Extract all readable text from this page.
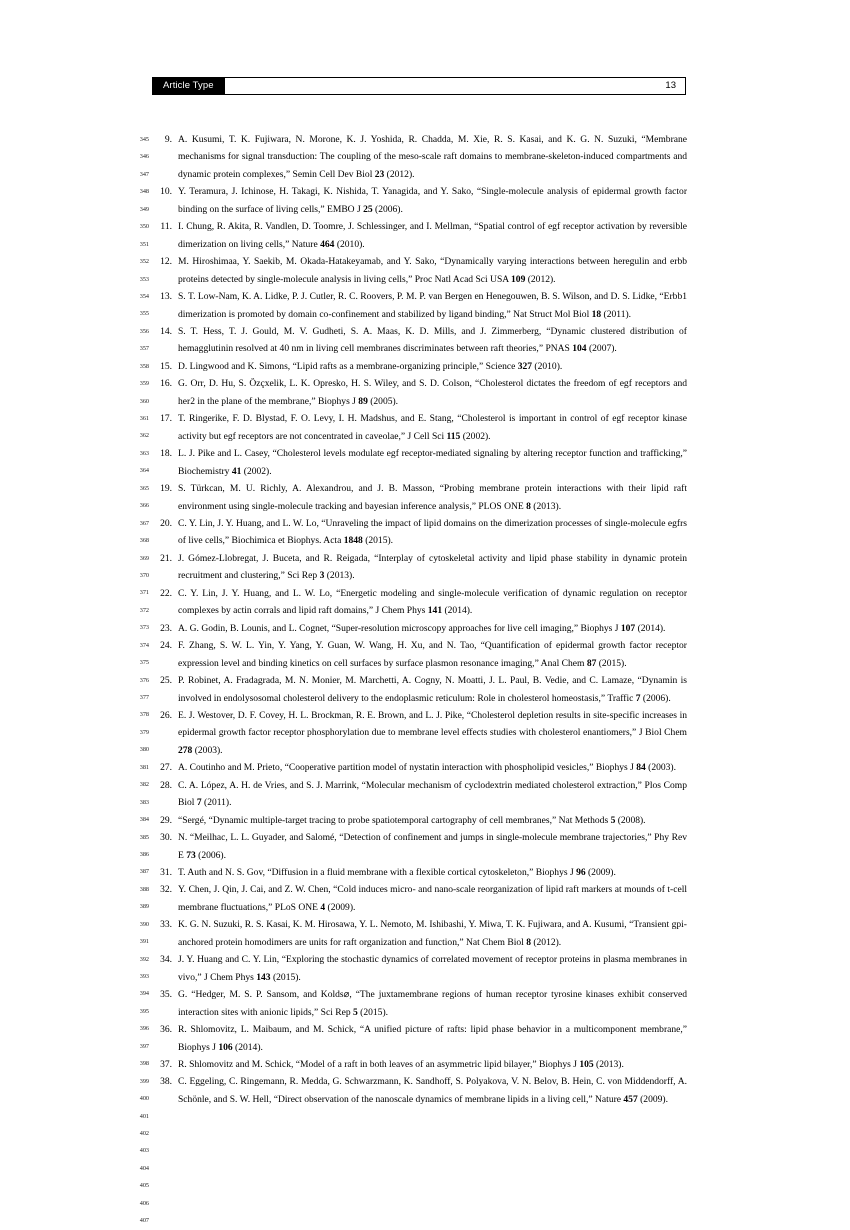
Article Type	13
345
346
347
348
349
350
351
352
353
354
355
356
357
358
359
360
361
362
363
364
365
366
367
368
369
370
371
372
373
374
375
376
377
378
379
380
381
382
383
384
385
386
387
388
389
390
391
392
393
394
395
396
397
398
399
400
401
402
403
404
405
406
407
9. A. Kusumi, T. K. Fujiwara, N. Morone, K. J. Yoshida, R. Chadda, M. Xie, R. S. Kasai, and K. G. N. Suzuki, “Membrane mechanisms for signal transduction: The coupling of the meso-scale raft domains to membrane-skeleton-induced compartments and dynamic protein complexes,” Semin Cell Dev Biol 23 (2012).
10. Y. Teramura, J. Ichinose, H. Takagi, K. Nishida, T. Yanagida, and Y. Sako, “Single-molecule analysis of epidermal growth factor binding on the surface of living cells,” EMBO J 25 (2006).
11. I. Chung, R. Akita, R. Vandlen, D. Toomre, J. Schlessinger, and I. Mellman, “Spatial control of egf receptor activation by reversible dimerization on living cells,” Nature 464 (2010).
12. M. Hiroshimaa, Y. Saekib, M. Okada-Hatakeyamab, and Y. Sako, “Dynamically varying interactions between heregulin and erbb proteins detected by single-molecule analysis in living cells,” Proc Natl Acad Sci USA 109 (2012).
13. S. T. Low-Nam, K. A. Lidke, P. J. Cutler, R. C. Roovers, P. M. P. van Bergen en Henegouwen, B. S. Wilson, and D. S. Lidke, “Erbb1 dimerization is promoted by domain co-confinement and stabilized by ligand binding,” Nat Struct Mol Biol 18 (2011).
14. S. T. Hess, T. J. Gould, M. V. Gudheti, S. A. Maas, K. D. Mills, and J. Zimmerberg, “Dynamic clustered distribution of hemagglutinin resolved at 40 nm in living cell membranes discriminates between raft theories,” PNAS 104 (2007).
15. D. Lingwood and K. Simons, “Lipid rafts as a membrane-organizing principle,” Science 327 (2010).
16. G. Orr, D. Hu, S. Özçxelik, L. K. Opresko, H. S. Wiley, and S. D. Colson, “Cholesterol dictates the freedom of egf receptors and her2 in the plane of the membrane,” Biophys J 89 (2005).
17. T. Ringerike, F. D. Blystad, F. O. Levy, I. H. Madshus, and E. Stang, “Cholesterol is important in control of egf receptor kinase activity but egf receptors are not concentrated in caveolae,” J Cell Sci 115 (2002).
18. L. J. Pike and L. Casey, “Cholesterol levels modulate egf receptor-mediated signaling by altering receptor function and trafficking,” Biochemistry 41 (2002).
19. S. Türkcan, M. U. Richly, A. Alexandrou, and J. B. Masson, “Probing membrane protein interactions with their lipid raft environment using single-molecule tracking and bayesian inference analysis,” PLOS ONE 8 (2013).
20. C. Y. Lin, J. Y. Huang, and L. W. Lo, “Unraveling the impact of lipid domains on the dimerization processes of single-molecule egfrs of live cells,” Biochimica et Biophys. Acta 1848 (2015).
21. J. Gómez-Llobregat, J. Buceta, and R. Reigada, “Interplay of cytoskeletal activity and lipid phase stability in dynamic protein recruitment and clustering,” Sci Rep 3 (2013).
22. C. Y. Lin, J. Y. Huang, and L. W. Lo, “Energetic modeling and single-molecule verification of dynamic regulation on receptor complexes by actin corrals and lipid raft domains,” J Chem Phys 141 (2014).
23. A. G. Godin, B. Lounis, and L. Cognet, “Super-resolution microscopy approaches for live cell imaging,” Biophys J 107 (2014).
24. F. Zhang, S. W. L. Yin, Y. Yang, Y. Guan, W. Wang, H. Xu, and N. Tao, “Quantification of epidermal growth factor receptor expression level and binding kinetics on cell surfaces by surface plasmon resonance imaging,” Anal Chem 87 (2015).
25. P. Robinet, A. Fradagrada, M. N. Monier, M. Marchetti, A. Cogny, N. Moatti, J. L. Paul, B. Vedie, and C. Lamaze, “Dynamin is involved in endolysosomal cholesterol delivery to the endoplasmic reticulum: Role in cholesterol homeostasis,” Traffic 7 (2006).
26. E. J. Westover, D. F. Covey, H. L. Brockman, R. E. Brown, and L. J. Pike, “Cholesterol depletion results in site-specific increases in epidermal growth factor receptor phosphorylation due to membrane level effects studies with cholesterol enantiomers,” J Biol Chem 278 (2003).
27. A. Coutinho and M. Prieto, “Cooperative partition model of nystatin interaction with phospholipid vesicles,” Biophys J 84 (2003).
28. C. A. López, A. H. de Vries, and S. J. Marrink, “Molecular mechanism of cyclodextrin mediated cholesterol extraction,” Plos Comp Biol 7 (2011).
29. “Sergé, “Dynamic multiple-target tracing to probe spatiotemporal cartography of cell membranes,” Nat Methods 5 (2008).
30. N. “Meilhac, L. L. Guyader, and Salomé, “Detection of confinement and jumps in single-molecule membrane trajectories,” Phy Rev E 73 (2006).
31. T. Auth and N. S. Gov, “Diffusion in a fluid membrane with a flexible cortical cytoskeleton,” Biophys J 96 (2009).
32. Y. Chen, J. Qin, J. Cai, and Z. W. Chen, “Cold induces micro- and nano-scale reorganization of lipid raft markers at mounds of t-cell membrane fluctuations,” PLoS ONE 4 (2009).
33. K. G. N. Suzuki, R. S. Kasai, K. M. Hirosawa, Y. L. Nemoto, M. Ishibashi, Y. Miwa, T. K. Fujiwara, and A. Kusumi, “Transient gpi-anchored protein homodimers are units for raft organization and function,” Nat Chem Biol 8 (2012).
34. J. Y. Huang and C. Y. Lin, “Exploring the stochastic dynamics of correlated movement of receptor proteins in plasma membranes in vivo,” J Chem Phys 143 (2015).
35. G. “Hedger, M. S. P. Sansom, and Kolds⌀, “The juxtamembrane regions of human receptor tyrosine kinases exhibit conserved interaction sites with anionic lipids,” Sci Rep 5 (2015).
36. R. Shlomovitz, L. Maibaum, and M. Schick, “A unified picture of rafts: lipid phase behavior in a multicomponent membrane,” Biophys J 106 (2014).
37. R. Shlomovitz and M. Schick, “Model of a raft in both leaves of an asymmetric lipid bilayer,” Biophys J 105 (2013).
38. C. Eggeling, C. Ringemann, R. Medda, G. Schwarzmann, K. Sandhoff, S. Polyakova, V. N. Belov, B. Hein, C. von Middendorff, A. Schönle, and S. W. Hell, “Direct observation of the nanoscale dynamics of membrane lipids in a living cell,” Nature 457 (2009).
